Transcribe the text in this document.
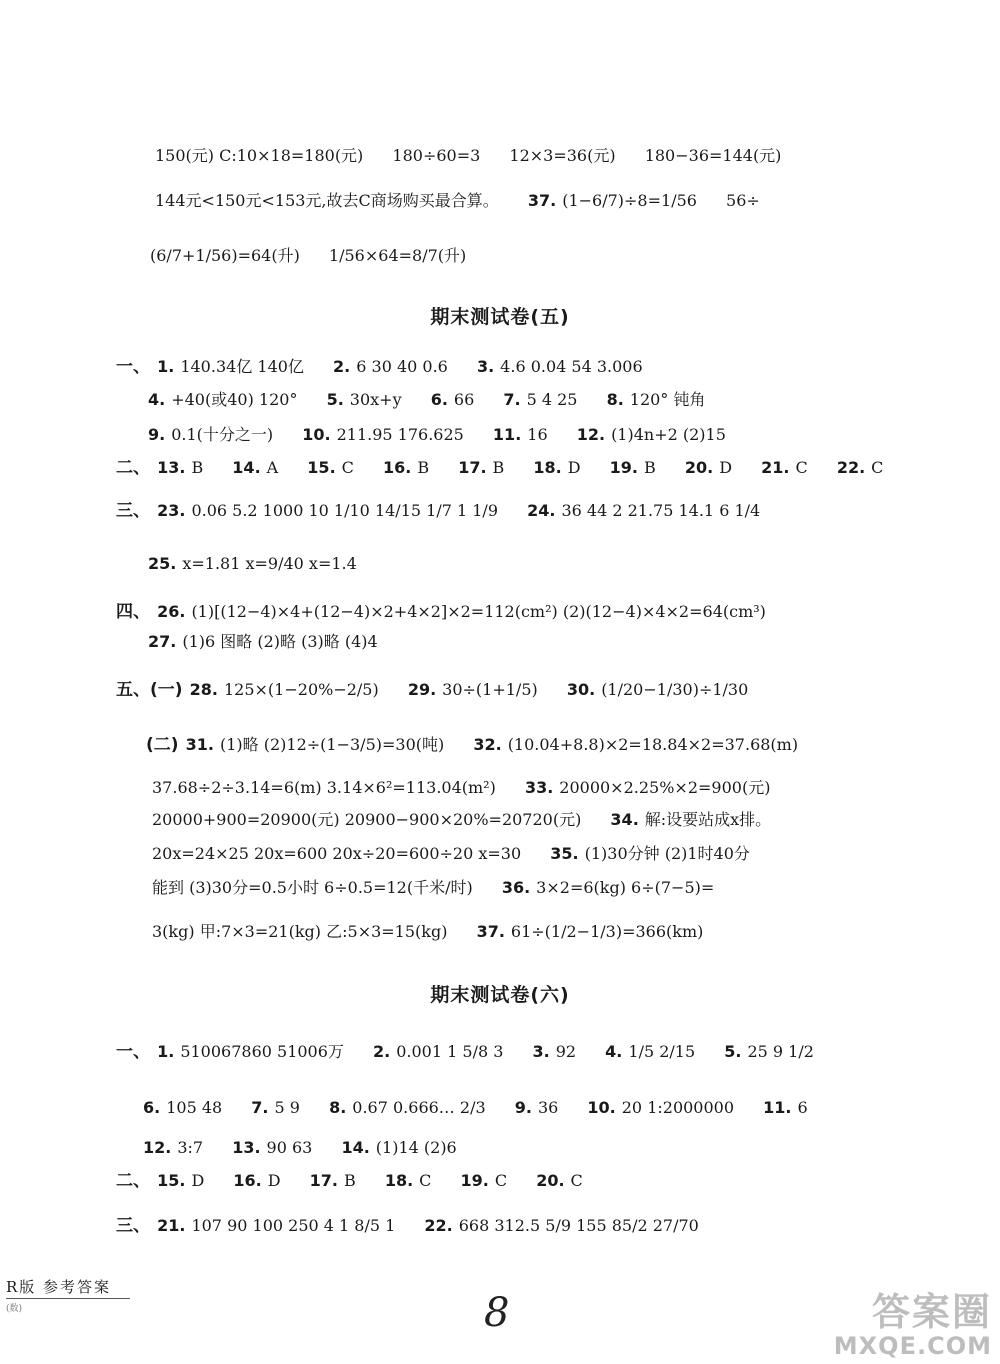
150(元) C:10×18=180(元) 180÷60=3 12×3=36(元) 180−36=144(元)
144元<150元<153元,故去C商场购买最合算。 37. (1−6/7)÷8=1/56 56÷
(6/7+1/56)=64(升) 1/56×64=8/7(升)
期末测试卷(五)
一、 1. 140.34亿 140亿 2. 6 30 40 0.6 3. 4.6 0.04 54 3.006
4. +40(或40) 120° 5. 30x+y 6. 66 7. 5 4 25 8. 120° 钝角
9. 0.1(十分之一) 10. 211.95 176.625 11. 16 12. (1)4n+2 (2)15
二、 13. B 14. A 15. C 16. B 17. B 18. D 19. B 20. D 21. C 22. C
三、 23. 0.06 5.2 1000 10 1/10 14/15 1/7 1 1/9 24. 36 44 2 21.75 14.1 6 1/4
25. x=1.81 x=9/40 x=1.4
四、 26. (1)[(12−4)×4+(12−4)×2+4×2]×2=112(cm²) (2)(12−4)×4×2=64(cm³)
27. (1)6 图略 (2)略 (3)略 (4)4
五、(一) 28. 125×(1−20%−2/5) 29. 30÷(1+1/5) 30. (1/20−1/30)÷1/30
(二) 31. (1)略 (2)12÷(1−3/5)=30(吨) 32. (10.04+8.8)×2=18.84×2=37.68(m)
37.68÷2÷3.14=6(m) 3.14×6²=113.04(m²) 33. 20000×2.25%×2=900(元)
20000+900=20900(元) 20900−900×20%=20720(元) 34. 解:设要站成x排。
20x=24×25 20x=600 20x÷20=600÷20 x=30 35. (1)30分钟 (2)1时40分
能到 (3)30分=0.5小时 6÷0.5=12(千米/时) 36. 3×2=6(kg) 6÷(7−5)=
3(kg) 甲:7×3=21(kg) 乙:5×3=15(kg) 37. 61÷(1/2−1/3)=366(km)
期末测试卷(六)
一、 1. 510067860 51006万 2. 0.001 1 5/8 3 3. 92 4. 1/5 2/15 5. 25 9 1/2
6. 105 48 7. 5 9 8. 0.67 0.666… 2/3 9. 36 10. 20 1:2000000 11. 6
12. 3:7 13. 90 63 14. (1)14 (2)6
二、 15. D 16. D 17. B 18. C 19. C 20. C
三、 21. 107 90 100 250 4 1 8/5 1 22. 668 312.5 5/9 155 85/2 27/70
R版 参考答案
(数)	8	答案圈
MXQE.COM
